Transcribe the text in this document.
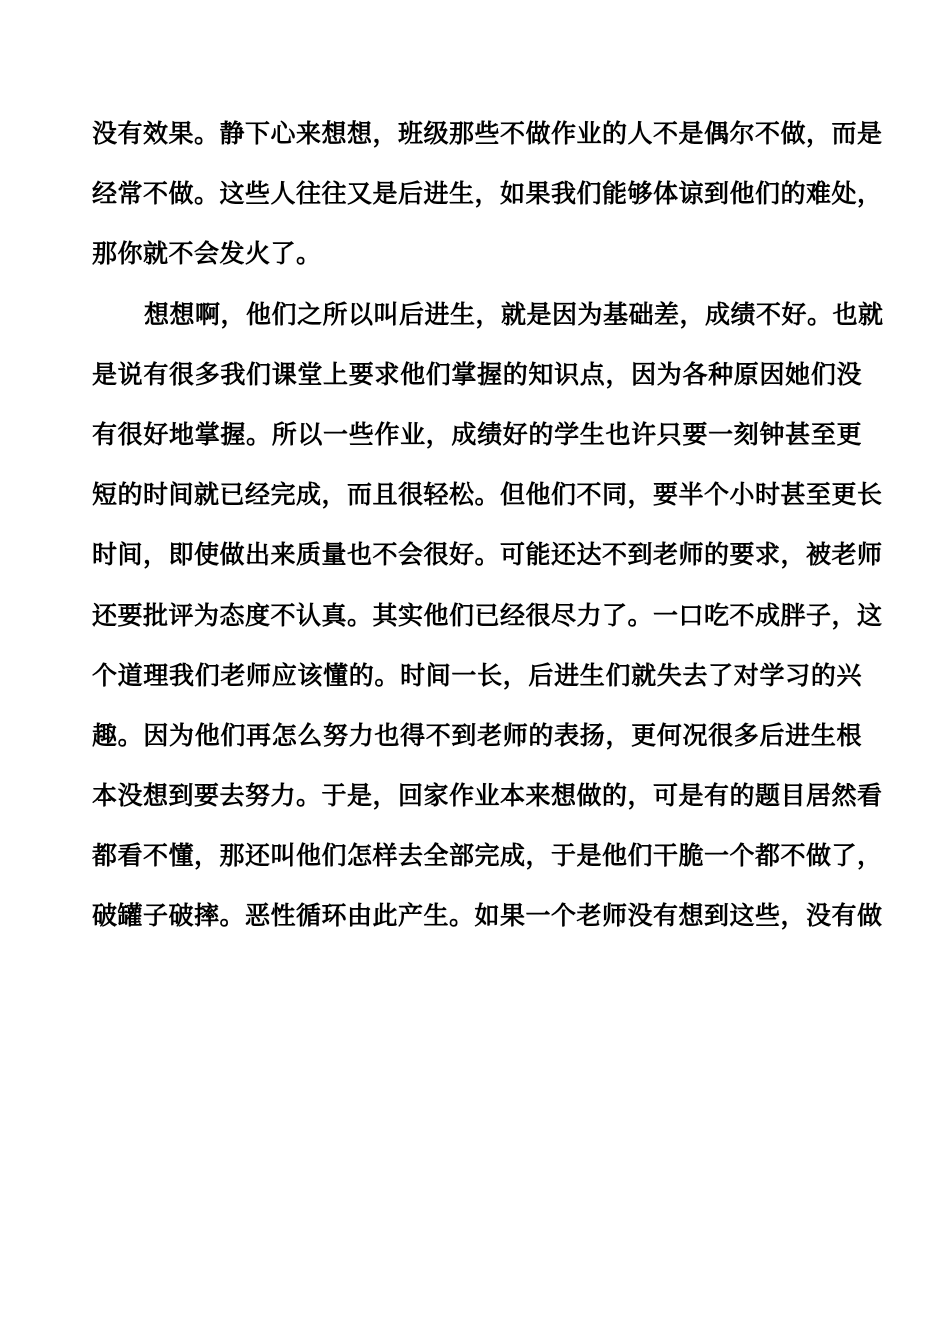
没有效果。静下心来想想，班级那些不做作业的人不是偶尔不做，而是
经常不做。这些人往往又是后进生，如果我们能够体谅到他们的难处，
那你就不会发火了。
想想啊，他们之所以叫后进生，就是因为基础差，成绩不好。也就
是说有很多我们课堂上要求他们掌握的知识点，因为各种原因她们没
有很好地掌握。所以一些作业，成绩好的学生也许只要一刻钟甚至更
短的时间就已经完成，而且很轻松。但他们不同，要半个小时甚至更长
时间，即使做出来质量也不会很好。可能还达不到老师的要求，被老师
还要批评为态度不认真。其实他们已经很尽力了。一口吃不成胖子，这
个道理我们老师应该懂的。时间一长，后进生们就失去了对学习的兴
趣。因为他们再怎么努力也得不到老师的表扬，更何况很多后进生根
本没想到要去努力。于是，回家作业本来想做的，可是有的题目居然看
都看不懂，那还叫他们怎样去全部完成，于是他们干脆一个都不做了，
破罐子破摔。恶性循环由此产生。如果一个老师没有想到这些，没有做
